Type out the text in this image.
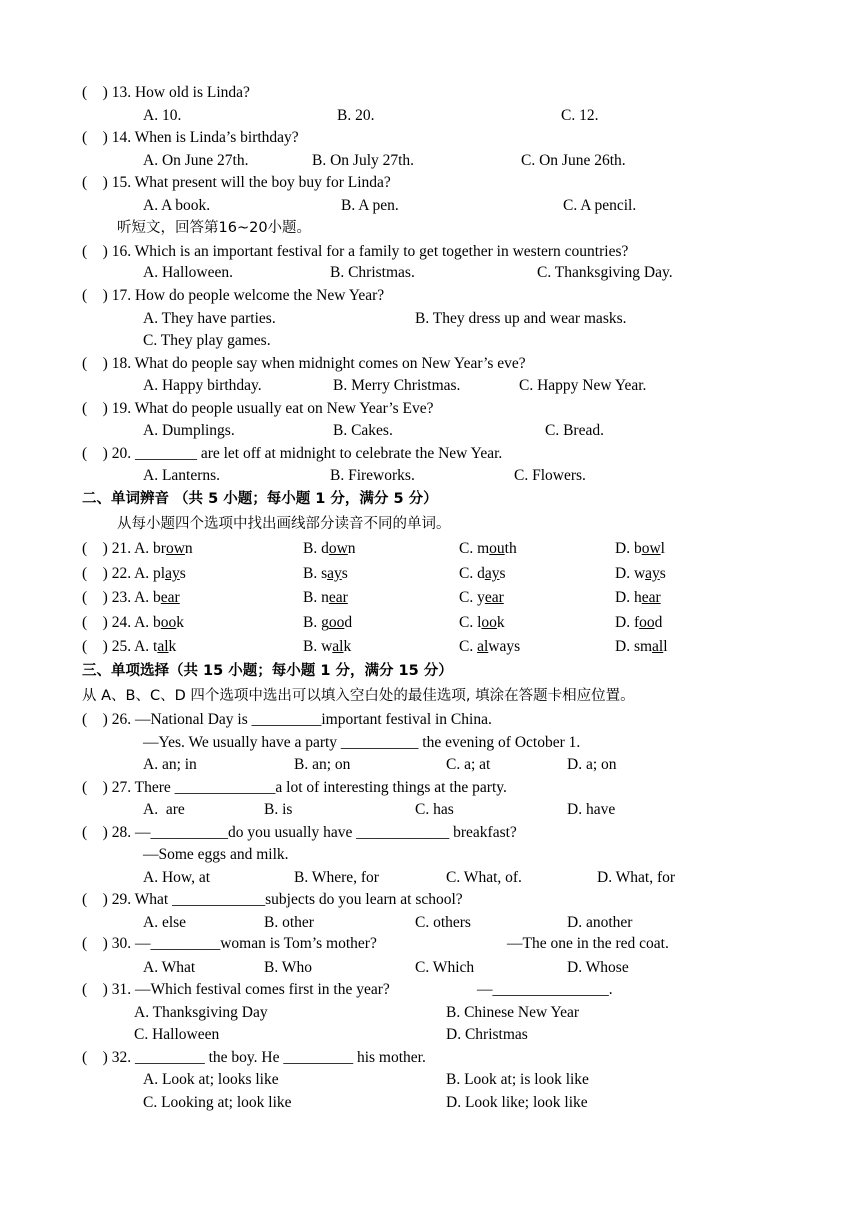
(    ) 13. How old is Linda?
A. 10.	B. 20.	C. 12.
(    ) 14. When is Linda’s birthday?
A. On June 27th.	B. On July 27th.	C. On June 26th.
(    ) 15. What present will the boy buy for Linda?
A. A book.	B. A pen.	C. A pencil.
听短文，回答第16~20小题。
(    ) 16. Which is an important festival for a family to get together in western countries?
A. Halloween.	B. Christmas.	C. Thanksgiving Day.
(    ) 17. How do people welcome the New Year?
A. They have parties.	B. They dress up and wear masks.
C. They play games.
(    ) 18. What do people say when midnight comes on New Year’s eve?
A. Happy birthday.	B. Merry Christmas.	C. Happy New Year.
(    ) 19. What do people usually eat on New Year’s Eve?
A. Dumplings.	B. Cakes.	C. Bread.
(    ) 20. ________ are let off at midnight to celebrate the New Year.
A. Lanterns.	B. Fireworks.	C. Flowers.
二、单词辨音 （共 5 小题；每小题 1 分，满分 5 分）
从每小题四个选项中找出画线部分读音不同的单词。
(    ) 21. A. brown	B. down	C. mouth	D. bowl
(    ) 22. A. plays	B. says	C. days	D. ways
(    ) 23. A. bear	B. near	C. year	D. hear
(    ) 24. A. book	B. good	C. look	D. food
(    ) 25. A. talk	B. walk	C. always	D. small
三、单项选择（共 15 小题；每小题 1 分，满分 15 分）
从 A、B、C、D 四个选项中选出可以填入空白处的最佳选项, 填涂在答题卡相应位置。
(    ) 26. —National Day is _________important festival in China.
—Yes. We usually have a party __________ the evening of October 1.
A. an; in	B. an; on	C. a; at	D. a; on
(    ) 27. There _____________a lot of interesting things at the party.
A.  are	B. is	C. has	D. have
(    ) 28. —__________do you usually have ____________ breakfast?
—Some eggs and milk.
A. How, at	B. Where, for	C. What, of.	D. What, for
(    ) 29. What ____________subjects do you learn at school?
A. else	B. other	C. others	D. another
(    ) 30. —_________woman is Tom’s mother?	—The one in the red coat.
A. What	B. Who	C. Which	D. Whose
(    ) 31. —Which festival comes first in the year?	—_______________.
A. Thanksgiving Day	B. Chinese New Year
C. Halloween	D. Christmas
(    ) 32. _________ the boy. He _________ his mother.
A. Look at; looks like	B. Look at; is look like
C. Looking at; look like	D. Look like; look like
